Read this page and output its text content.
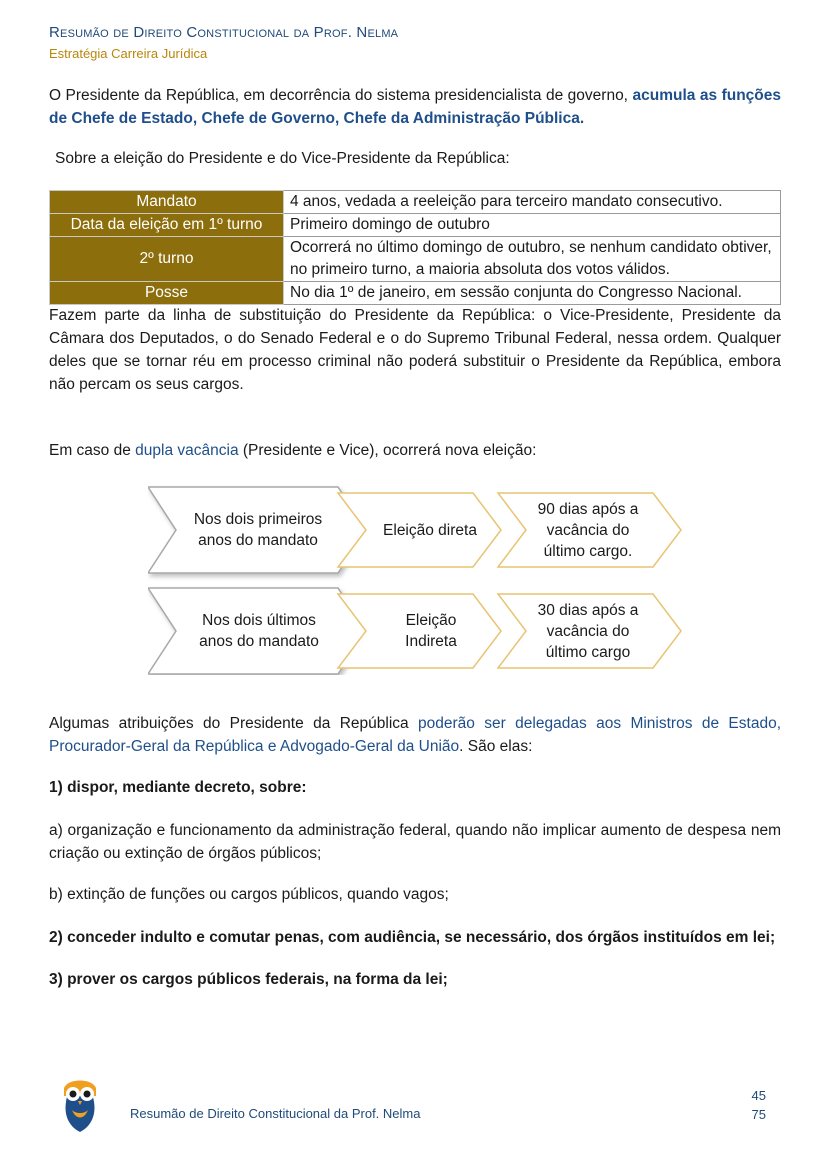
Resumão de Direito Constitucional da Prof. Nelma
Estratégia Carreira Jurídica

O Presidente da República, em decorrência do sistema presidencialista de governo, acumula as funções de Chefe de Estado, Chefe de Governo, Chefe da Administração Pública.

Sobre a eleição do Presidente e do Vice-Presidente da República:

Mandato	4 anos, vedada a reeleição para terceiro mandato consecutivo.
Data da eleição em 1º turno	Primeiro domingo de outubro
2º turno	Ocorrerá no último domingo de outubro, se nenhum candidato obtiver, no primeiro turno, a maioria absoluta dos votos válidos.
Posse	No dia 1º de janeiro, em sessão conjunta do Congresso Nacional.

Fazem parte da linha de substituição do Presidente da República: o Vice-Presidente, Presidente da Câmara dos Deputados, o do Senado Federal e o do Supremo Tribunal Federal, nessa ordem. Qualquer deles que se tornar réu em processo criminal não poderá substituir o Presidente da República, embora não percam os seus cargos.

Em caso de dupla vacância (Presidente e Vice), ocorrerá nova eleição:

Nos dois primeiros anos do mandato
Eleição direta
90 dias após a vacância do último cargo.
Nos dois últimos anos do mandato
Eleição Indireta
30 dias após a vacância do último cargo

Algumas atribuições do Presidente da República poderão ser delegadas aos Ministros de Estado, Procurador-Geral da República e Advogado-Geral da União. São elas:

1) dispor, mediante decreto, sobre:

a) organização e funcionamento da administração federal, quando não implicar aumento de despesa nem criação ou extinção de órgãos públicos;

b) extinção de funções ou cargos públicos, quando vagos;

2) conceder indulto e comutar penas, com audiência, se necessário, dos órgãos instituídos em lei;

3) prover os cargos públicos federais, na forma da lei;

Resumão de Direito Constitucional da Prof. Nelma
45
75
